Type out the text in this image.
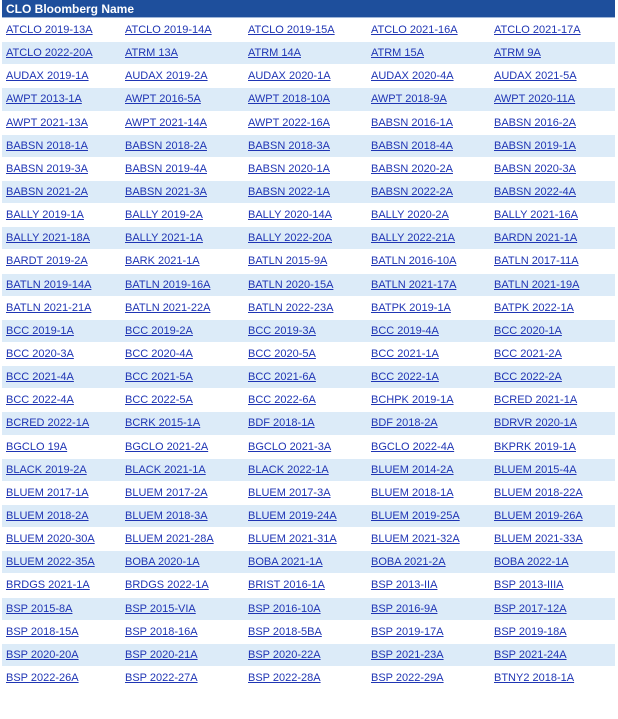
CLO Bloomberg Name
ATCLO 2019-13A	ATCLO 2019-14A	ATCLO 2019-15A	ATCLO 2021-16A	ATCLO 2021-17A
ATCLO 2022-20A	ATRM 13A	ATRM 14A	ATRM 15A	ATRM 9A
AUDAX 2019-1A	AUDAX 2019-2A	AUDAX 2020-1A	AUDAX 2020-4A	AUDAX 2021-5A
AWPT 2013-1A	AWPT 2016-5A	AWPT 2018-10A	AWPT 2018-9A	AWPT 2020-11A
AWPT 2021-13A	AWPT 2021-14A	AWPT 2022-16A	BABSN 2016-1A	BABSN 2016-2A
BABSN 2018-1A	BABSN 2018-2A	BABSN 2018-3A	BABSN 2018-4A	BABSN 2019-1A
BABSN 2019-3A	BABSN 2019-4A	BABSN 2020-1A	BABSN 2020-2A	BABSN 2020-3A
BABSN 2021-2A	BABSN 2021-3A	BABSN 2022-1A	BABSN 2022-2A	BABSN 2022-4A
BALLY 2019-1A	BALLY 2019-2A	BALLY 2020-14A	BALLY 2020-2A	BALLY 2021-16A
BALLY 2021-18A	BALLY 2021-1A	BALLY 2022-20A	BALLY 2022-21A	BARDN 2021-1A
BARDT 2019-2A	BARK 2021-1A	BATLN 2015-9A	BATLN 2016-10A	BATLN 2017-11A
BATLN 2019-14A	BATLN 2019-16A	BATLN 2020-15A	BATLN 2021-17A	BATLN 2021-19A
BATLN 2021-21A	BATLN 2021-22A	BATLN 2022-23A	BATPK 2019-1A	BATPK 2022-1A
BCC 2019-1A	BCC 2019-2A	BCC 2019-3A	BCC 2019-4A	BCC 2020-1A
BCC 2020-3A	BCC 2020-4A	BCC 2020-5A	BCC 2021-1A	BCC 2021-2A
BCC 2021-4A	BCC 2021-5A	BCC 2021-6A	BCC 2022-1A	BCC 2022-2A
BCC 2022-4A	BCC 2022-5A	BCC 2022-6A	BCHPK 2019-1A	BCRED 2021-1A
BCRED 2022-1A	BCRK 2015-1A	BDF 2018-1A	BDF 2018-2A	BDRVR 2020-1A
BGCLO 19A	BGCLO 2021-2A	BGCLO 2021-3A	BGCLO 2022-4A	BKPRK 2019-1A
BLACK 2019-2A	BLACK 2021-1A	BLACK 2022-1A	BLUEM 2014-2A	BLUEM 2015-4A
BLUEM 2017-1A	BLUEM 2017-2A	BLUEM 2017-3A	BLUEM 2018-1A	BLUEM 2018-22A
BLUEM 2018-2A	BLUEM 2018-3A	BLUEM 2019-24A	BLUEM 2019-25A	BLUEM 2019-26A
BLUEM 2020-30A	BLUEM 2021-28A	BLUEM 2021-31A	BLUEM 2021-32A	BLUEM 2021-33A
BLUEM 2022-35A	BOBA 2020-1A	BOBA 2021-1A	BOBA 2021-2A	BOBA 2022-1A
BRDGS 2021-1A	BRDGS 2022-1A	BRIST 2016-1A	BSP 2013-IIA	BSP 2013-IIIA
BSP 2015-8A	BSP 2015-VIA	BSP 2016-10A	BSP 2016-9A	BSP 2017-12A
BSP 2018-15A	BSP 2018-16A	BSP 2018-5BA	BSP 2019-17A	BSP 2019-18A
BSP 2020-20A	BSP 2020-21A	BSP 2020-22A	BSP 2021-23A	BSP 2021-24A
BSP 2022-26A	BSP 2022-27A	BSP 2022-28A	BSP 2022-29A	BTNY2 2018-1A
